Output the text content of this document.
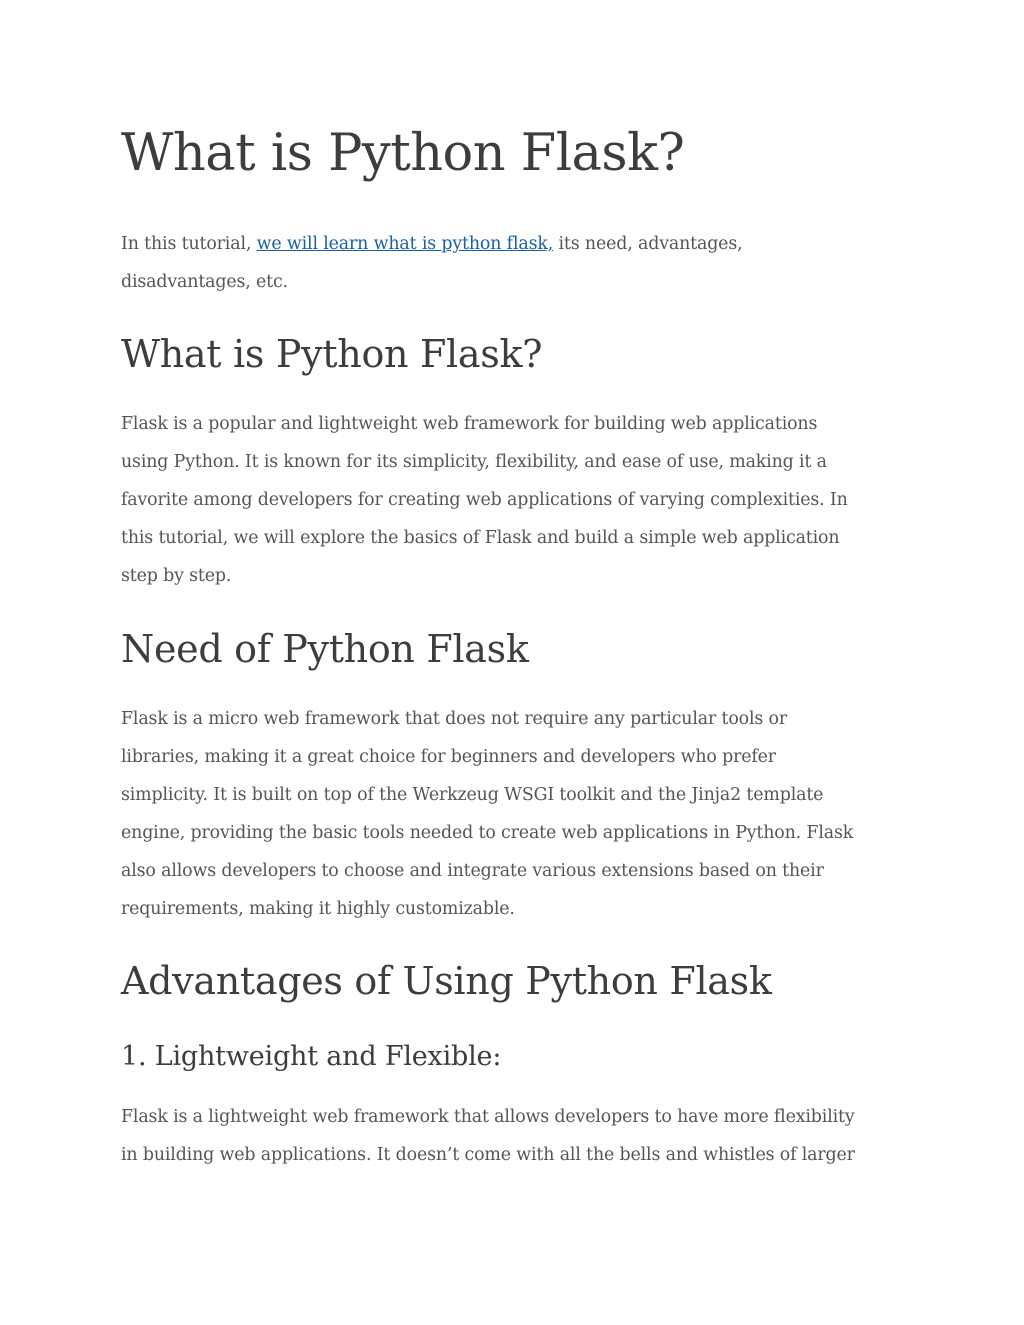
What is Python Flask?

In this tutorial, we will learn what is python flask, its need, advantages,
disadvantages, etc.

What is Python Flask?

Flask is a popular and lightweight web framework for building web applications
using Python. It is known for its simplicity, flexibility, and ease of use, making it a
favorite among developers for creating web applications of varying complexities. In
this tutorial, we will explore the basics of Flask and build a simple web application
step by step.

Need of Python Flask

Flask is a micro web framework that does not require any particular tools or
libraries, making it a great choice for beginners and developers who prefer
simplicity. It is built on top of the Werkzeug WSGI toolkit and the Jinja2 template
engine, providing the basic tools needed to create web applications in Python. Flask
also allows developers to choose and integrate various extensions based on their
requirements, making it highly customizable.

Advantages of Using Python Flask
1. Lightweight and Flexible:

Flask is a lightweight web framework that allows developers to have more flexibility
in building web applications. It doesn’t come with all the bells and whistles of larger
